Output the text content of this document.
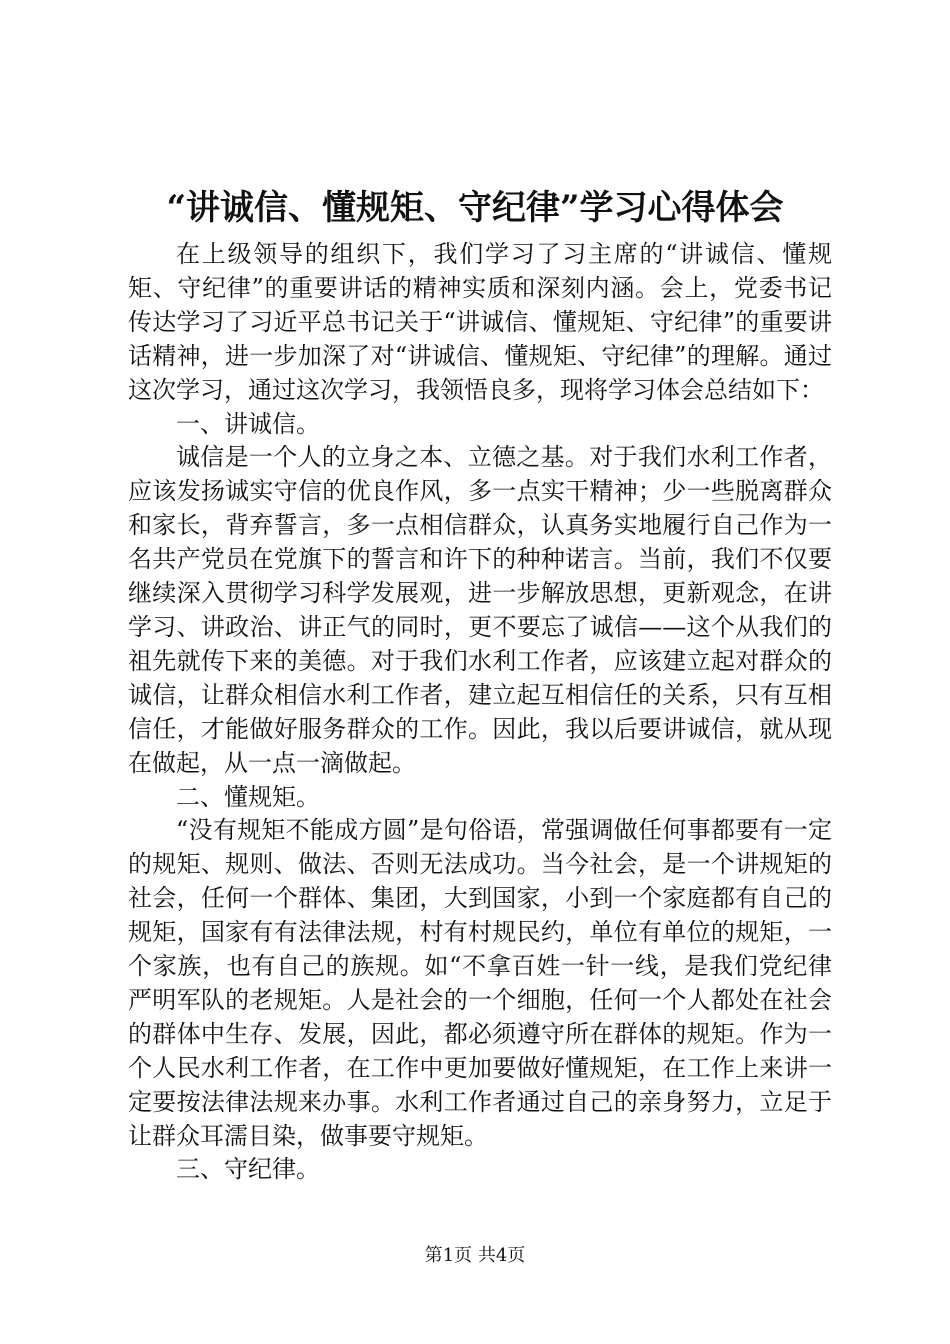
“讲诚信、懂规矩、守纪律”学习心得体会

在上级领导的组织下，我们学习了习主席的“讲诚信、懂规矩、守纪律”的重要讲话的精神实质和深刻内涵。会上，党委书记传达学习了习近平总书记关于“讲诚信、懂规矩、守纪律”的重要讲话精神，进一步加深了对“讲诚信、懂规矩、守纪律”的理解。通过这次学习，通过这次学习，我领悟良多，现将学习体会总结如下：

一、讲诚信。

诚信是一个人的立身之本、立德之基。对于我们水利工作者，应该发扬诚实守信的优良作风，多一点实干精神；少一些脱离群众和家长，背弃誓言，多一点相信群众，认真务实地履行自己作为一名共产党员在党旗下的誓言和许下的种种诺言。当前，我们不仅要继续深入贯彻学习科学发展观，进一步解放思想，更新观念，在讲学习、讲政治、讲正气的同时，更不要忘了诚信——这个从我们的祖先就传下来的美德。对于我们水利工作者，应该建立起对群众的诚信，让群众相信水利工作者，建立起互相信任的关系，只有互相信任，才能做好服务群众的工作。因此，我以后要讲诚信，就从现在做起，从一点一滴做起。

二、懂规矩。

“没有规矩不能成方圆”是句俗语，常强调做任何事都要有一定的规矩、规则、做法、否则无法成功。当今社会，是一个讲规矩的社会，任何一个群体、集团，大到国家，小到一个家庭都有自己的规矩，国家有有法律法规，村有村规民约，单位有单位的规矩，一个家族，也有自己的族规。如“不拿百姓一针一线，是我们党纪律严明军队的老规矩。人是社会的一个细胞，任何一个人都处在社会的群体中生存、发展，因此，都必须遵守所在群体的规矩。作为一个人民水利工作者，在工作中更加要做好懂规矩，在工作上来讲一定要按法律法规来办事。水利工作者通过自己的亲身努力，立足于让群众耳濡目染，做事要守规矩。

三、守纪律。

第1页 共4页
